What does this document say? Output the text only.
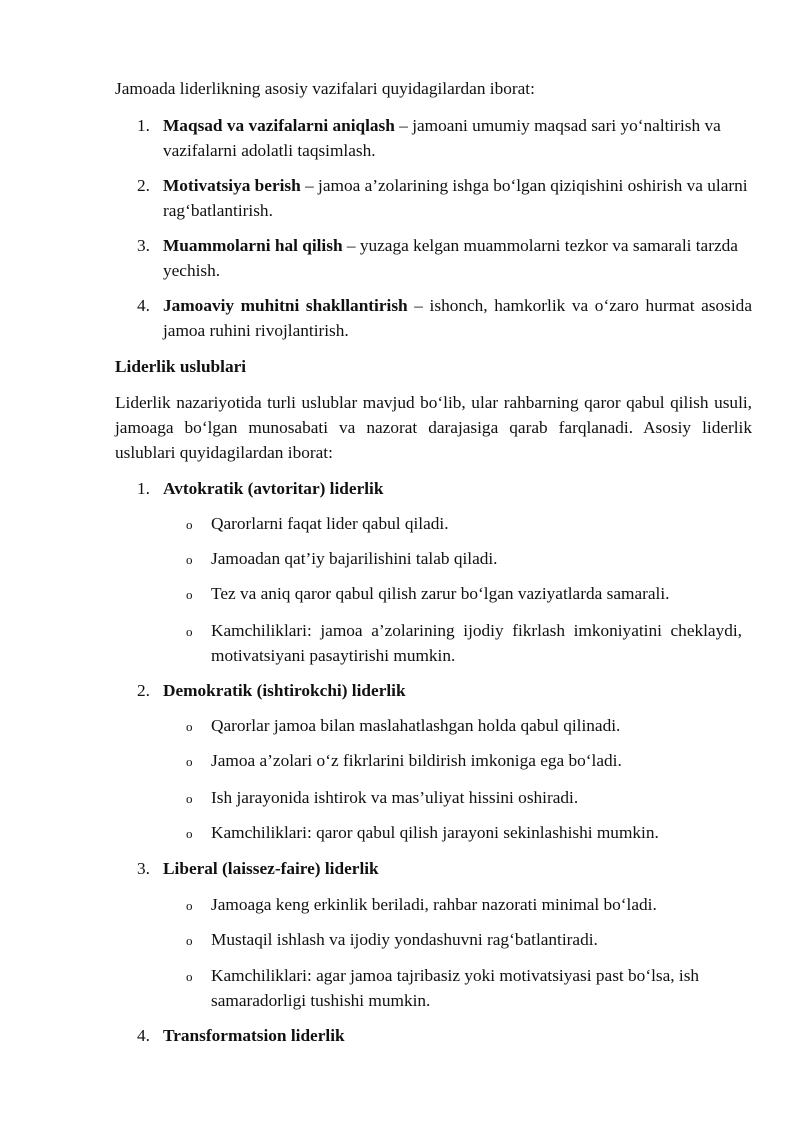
Jamoada liderlikning asosiy vazifalari quyidagilardan iborat:

1. Maqsad va vazifalarni aniqlash – jamoani umumiy maqsad sari yo‘naltirish va vazifalarni adolatli taqsimlash.
2. Motivatsiya berish – jamoa a’zolarining ishga bo‘lgan qiziqishini oshirish va ularni rag‘batlantirish.
3. Muammolarni hal qilish – yuzaga kelgan muammolarni tezkor va samarali tarzda yechish.
4. Jamoaviy muhitni shakllantirish – ishonch, hamkorlik va o‘zaro hurmat asosida jamoa ruhini rivojlantirish.

Liderlik uslublari

Liderlik nazariyotida turli uslublar mavjud bo‘lib, ular rahbarning qaror qabul qilish usuli, jamoaga bo‘lgan munosabati va nazorat darajasiga qarab farqlanadi. Asosiy liderlik uslublari quyidagilardan iborat:

1. Avtokratik (avtoritar) liderlik
o Qarorlarni faqat lider qabul qiladi.
o Jamoadan qat’iy bajarilishini talab qiladi.
o Tez va aniq qaror qabul qilish zarur bo‘lgan vaziyatlarda samarali.
o Kamchiliklari: jamoa a’zolarining ijodiy fikrlash imkoniyatini cheklaydi, motivatsiyani pasaytirishi mumkin.
2. Demokratik (ishtirokchi) liderlik
o Qarorlar jamoa bilan maslahatlashgan holda qabul qilinadi.
o Jamoa a’zolari o‘z fikrlarini bildirish imkoniga ega bo‘ladi.
o Ish jarayonida ishtirok va mas’uliyat hissini oshiradi.
o Kamchiliklari: qaror qabul qilish jarayoni sekinlashishi mumkin.
3. Liberal (laissez-faire) liderlik
o Jamoaga keng erkinlik beriladi, rahbar nazorati minimal bo‘ladi.
o Mustaqil ishlash va ijodiy yondashuvni rag‘batlantiradi.
o Kamchiliklari: agar jamoa tajribasiz yoki motivatsiyasi past bo‘lsa, ish samaradorligi tushishi mumkin.
4. Transformatsion liderlik
